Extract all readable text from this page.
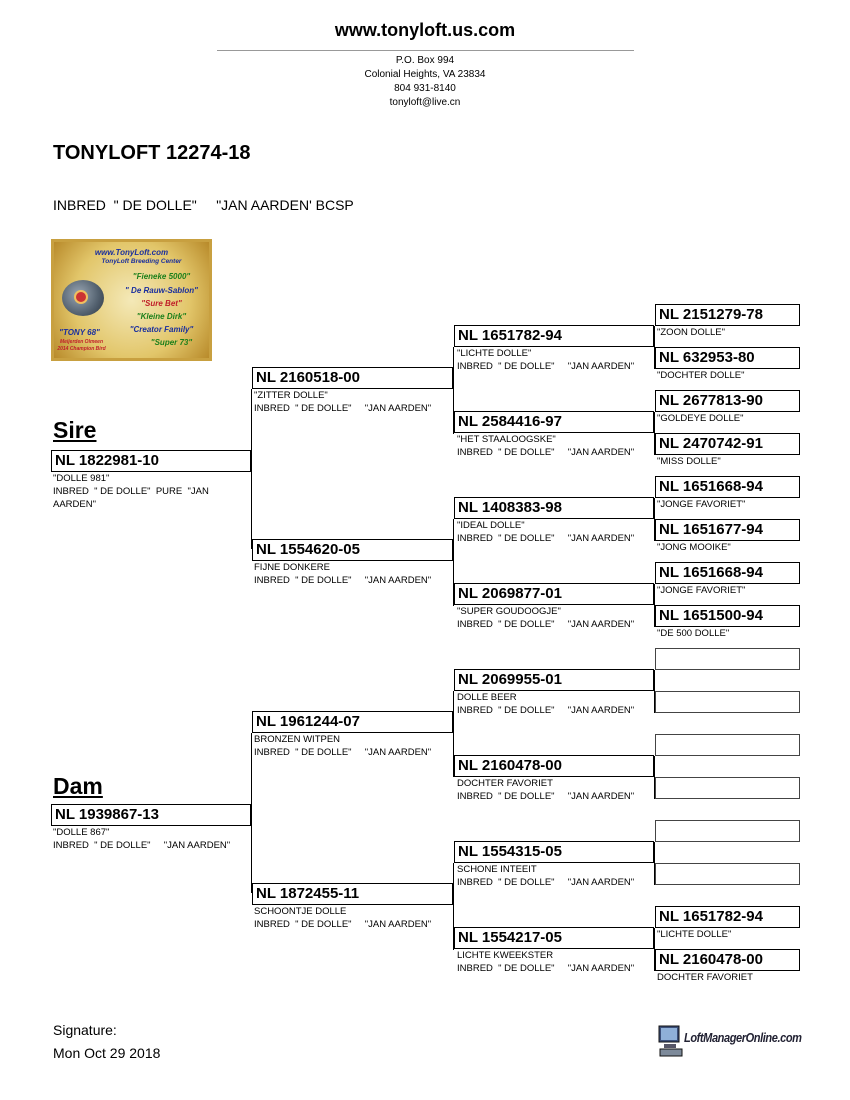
www.tonyloft.us.com
P.O. Box 994
Colonial Heights, VA 23834
804 931-8140
tonyloft@live.cn
TONYLOFT 12274-18
INBRED  " DE DOLLE"     "JAN AARDEN' BCSP
www.TonyLoft.com
TonyLoft Breeding Center
"Fieneke 5000"
" De Rauw-Sablon"
"Sure Bet"
"Kleine Dirk"
"Creator Family"
"TONY 68"
"Super 73"
Meijerden Olmeen
2014 Champion Bird
Sire
NL 1822981-10
"DOLLE 981"
INBRED  " DE DOLLE"  PURE  "JAN
AARDEN"
Dam
NL 1939867-13
"DOLLE 867"
INBRED  " DE DOLLE"     "JAN AARDEN"
NL 2160518-00
"ZITTER DOLLE"
INBRED  " DE DOLLE"     "JAN AARDEN"
NL 1554620-05
FIJNE DONKERE
INBRED  " DE DOLLE"     "JAN AARDEN"
NL 1961244-07
BRONZEN WITPEN
INBRED  " DE DOLLE"     "JAN AARDEN"
NL 1872455-11
SCHOONTJE DOLLE
INBRED  " DE DOLLE"     "JAN AARDEN"
NL 1651782-94
"LICHTE DOLLE"
INBRED  " DE DOLLE"     "JAN AARDEN"
NL 2584416-97
"HET STAALOOGSKE"
INBRED  " DE DOLLE"     "JAN AARDEN"
NL 1408383-98
"IDEAL DOLLE"
INBRED  " DE DOLLE"     "JAN AARDEN"
NL 2069877-01
"SUPER GOUDOOGJE"
INBRED  " DE DOLLE"     "JAN AARDEN"
NL 2069955-01
DOLLE BEER
INBRED  " DE DOLLE"     "JAN AARDEN"
NL 2160478-00
DOCHTER FAVORIET
INBRED  " DE DOLLE"     "JAN AARDEN"
NL 1554315-05
SCHONE INTEEIT
INBRED  " DE DOLLE"     "JAN AARDEN"
NL 1554217-05
LICHTE KWEEKSTER
INBRED  " DE DOLLE"     "JAN AARDEN"
NL 2151279-78
"ZOON DOLLE"
NL 632953-80
"DOCHTER DOLLE"
NL 2677813-90
"GOLDEYE DOLLE"
NL 2470742-91
"MISS DOLLE"
NL 1651668-94
"JONGE FAVORIET"
NL 1651677-94
"JONG MOOIKE"
NL 1651668-94
"JONGE FAVORIET"
NL 1651500-94
"DE 500 DOLLE"
NL 1651782-94
"LICHTE DOLLE"
NL 2160478-00
DOCHTER FAVORIET
Signature:
Mon Oct 29 2018
LoftManagerOnline.com
